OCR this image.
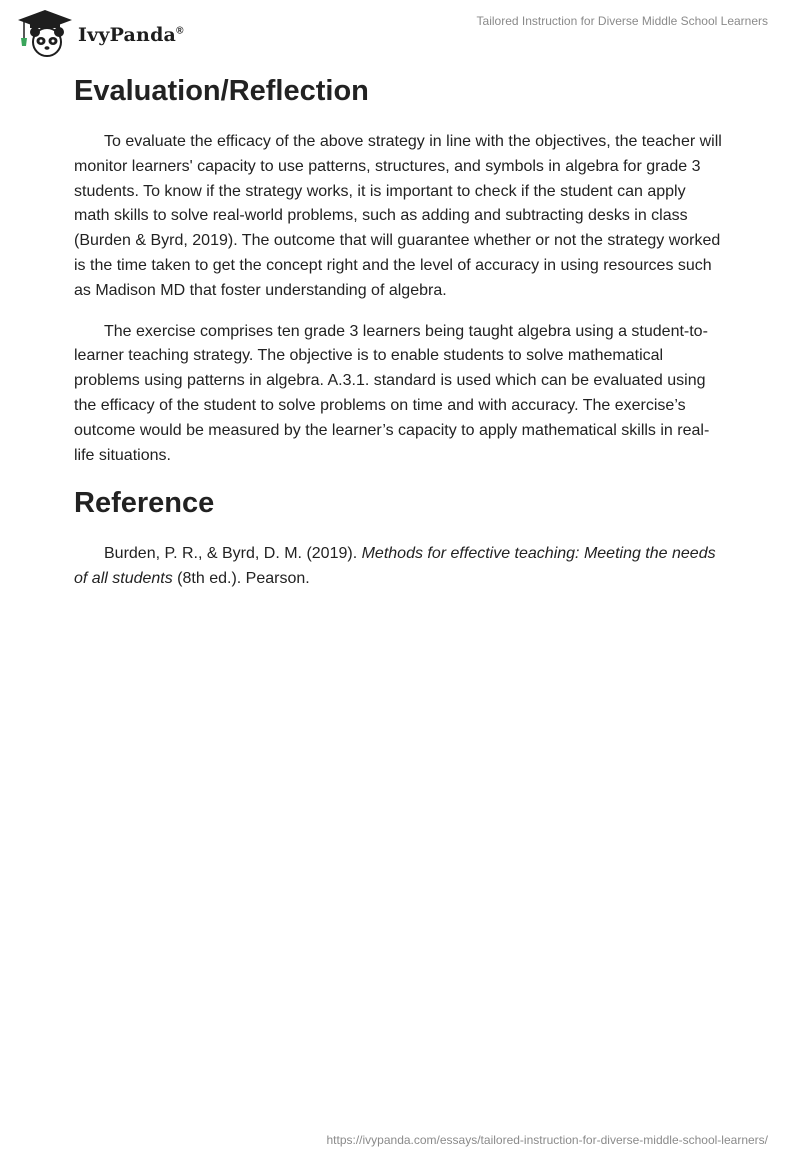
IvyPanda®
Tailored Instruction for Diverse Middle School Learners
Evaluation/Reflection

To evaluate the efficacy of the above strategy in line with the objectives, the teacher will monitor learners' capacity to use patterns, structures, and symbols in algebra for grade 3 students. To know if the strategy works, it is important to check if the student can apply math skills to solve real-world problems, such as adding and subtracting desks in class (Burden & Byrd, 2019). The outcome that will guarantee whether or not the strategy worked is the time taken to get the concept right and the level of accuracy in using resources such as Madison MD that foster understanding of algebra.

The exercise comprises ten grade 3 learners being taught algebra using a student-to-learner teaching strategy. The objective is to enable students to solve mathematical problems using patterns in algebra. A.3.1. standard is used which can be evaluated using the efficacy of the student to solve problems on time and with accuracy. The exercise’s outcome would be measured by the learner’s capacity to apply mathematical skills in real-life situations.

Reference

Burden, P. R., & Byrd, D. M. (2019). Methods for effective teaching: Meeting the needs of all students (8th ed.). Pearson.

https://ivypanda.com/essays/tailored-instruction-for-diverse-middle-school-learners/
